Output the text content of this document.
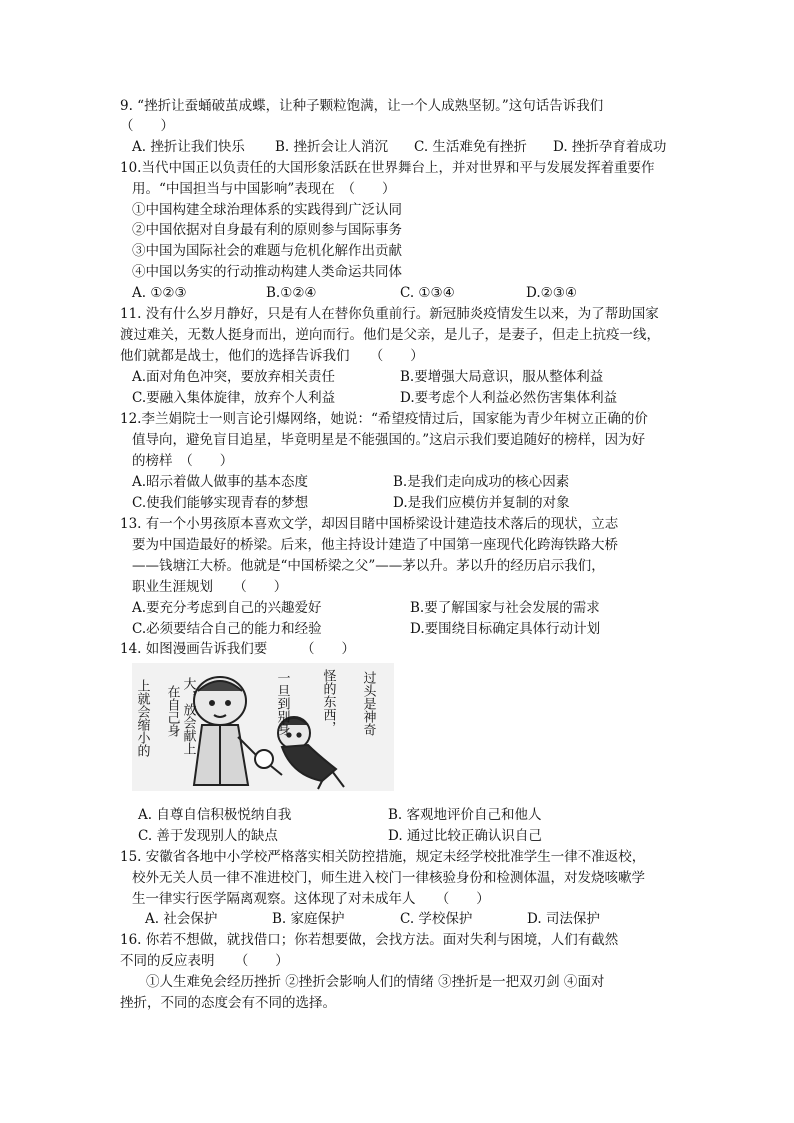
9. “挫折让蚕蛹破茧成蝶，让种子颗粒饱满，让一个人成熟坚韧。”这句话告诉我们
（　　）
A. 挫折让我们快乐 B. 挫折会让人消沉 C. 生活难免有挫折 D. 挫折孕育着成功
10.当代中国正以负责任的大国形象活跃在世界舞台上，并对世界和平与发展发挥着重要作
用。“中国担当与中国影响”表现在　（　　）
①中国构建全球治理体系的实践得到广泛认同
②中国依据对自身最有利的原则参与国际事务
③中国为国际社会的难题与危机化解作出贡献
④中国以务实的行动推动构建人类命运共同体
A. ①②③	B.①②④	C. ①③④	D.②③④
11. 没有什么岁月静好，只是有人在替你负重前行。新冠肺炎疫情发生以来，为了帮助国家
渡过难关，无数人挺身而出，逆向而行。他们是父亲，是儿子，是妻子，但走上抗疫一线，
他们就都是战士，他们的选择告诉我们　　（　　）
A.面对角色冲突，要放弃相关责任	B.要增强大局意识，服从整体利益
C.要融入集体旋律，放弃个人利益	D.要考虑个人利益必然伤害集体利益
12.李兰娟院士一则言论引爆网络，她说：“希望疫情过后，国家能为青少年树立正确的价
值导向，避免盲目追星，毕竟明星是不能强国的。”这启示我们要追随好的榜样，因为好
的榜样　（　　）
A.昭示着做人做事的基本态度	B.是我们走向成功的核心因素
C.使我们能够实现青春的梦想	D.是我们应模仿并复制的对象
13. 有一个小男孩原本喜欢文学，却因目睹中国桥梁设计建造技术落后的现状，立志
要为中国造最好的桥梁。后来，他主持设计建造了中国第一座现代化跨海铁路大桥
——钱塘江大桥。他就是“中国桥梁之父”——茅以升。茅以升的经历启示我们，
职业生涯规划　　（　　）
A.要充分考虑到自己的兴趣爱好	B.要了解国家与社会发展的需求
C.必须要结合自己的能力和经验	D.要围绕目标确定具体行动计划
14. 如图漫画告诉我们要　　　（　　）
大，放会献上
在自己身
上就会缩小的	一旦到别身 怪的东西， 过头是神奇
A. 自尊自信积极悦纳自我	B. 客观地评价自己和他人
C. 善于发现别人的缺点	D. 通过比较正确认识自己
15. 安徽省各地中小学校严格落实相关防控措施，规定未经学校批准学生一律不准返校，
校外无关人员一律不准进校门，师生进入校门一律核验身份和检测体温，对发烧咳嗽学
生一律实行医学隔离观察。这体现了对未成年人　　（　　）
A. 社会保护	B. 家庭保护	C. 学校保护	D. 司法保护
16. 你若不想做，就找借口；你若想要做，会找方法。面对失利与困境，人们有截然
不同的反应表明　　（　　）
①人生难免会经历挫折 ②挫折会影响人们的情绪 ③挫折是一把双刃剑 ④面对
挫折，不同的态度会有不同的选择。
